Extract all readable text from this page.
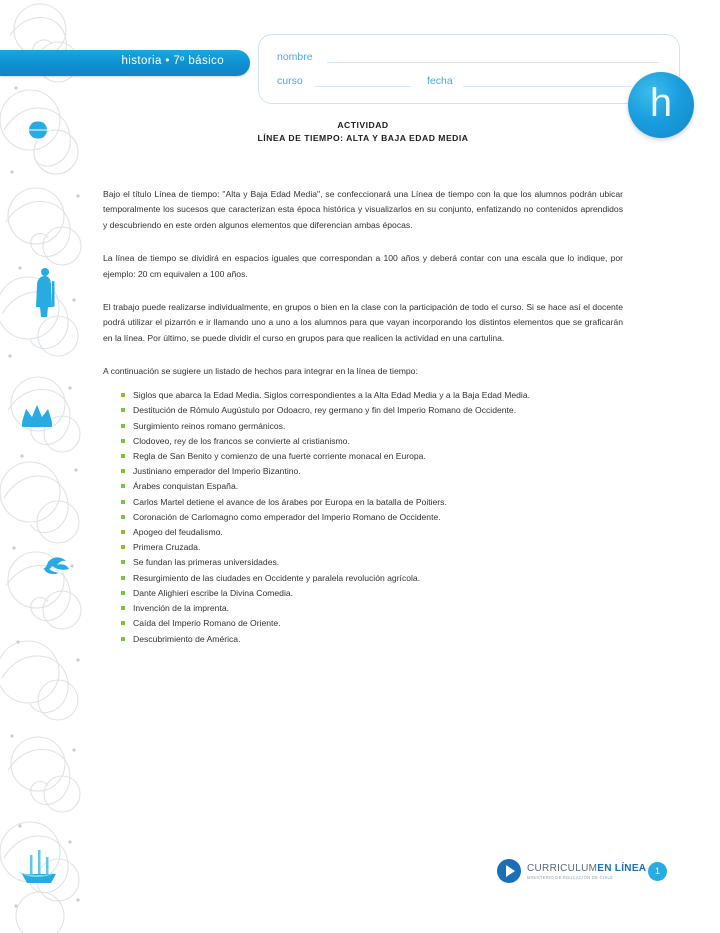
historia • 7º básico	nombre
curso	fecha	h
ACTIVIDAD
LÍNEA DE TIEMPO: ALTA Y BAJA EDAD MEDIA

Bajo el título Línea de tiempo: "Alta y Baja Edad Media", se confeccionará una Línea de tiempo con la que los alumnos podrán ubicar temporalmente los sucesos que caracterizan esta época histórica y visualizarlos en su conjunto, enfatizando no contenidos aprendidos y descubriendo en este orden algunos elementos que diferencian ambas épocas.

La línea de tiempo se dividirá en espacios iguales que correspondan a 100 años y deberá contar con una escala que lo indique, por ejemplo: 20 cm equivalen a 100 años.

El trabajo puede realizarse individualmente, en grupos o bien en la clase con la participación de todo el curso. Si se hace así el docente podrá utilizar el pizarrón e ir llamando uno a uno a los alumnos para que vayan incorporando los distintos elementos que se graficarán en la línea. Por último, se puede dividir el curso en grupos para que realicen la actividad en una cartulina.

A continuación se sugiere un listado de hechos para integrar en la línea de tiempo:

Siglos que abarca la Edad Media. Siglos correspondientes a la Alta Edad Media y a la Baja Edad Media.
Destitución de Rómulo Augústulo por Odoacro, rey germano y fin del Imperio Romano de Occidente.
Surgimiento reinos romano germánicos.
Clodoveo, rey de los francos se convierte al cristianismo.
Regla de San Benito y comienzo de una fuerte corriente monacal en Europa.
Justiniano emperador del Imperio Bizantino.
Árabes conquistan España.
Carlos Martel detiene el avance de los árabes por Europa en la batalla de Poitiers.
Coronación de Carlomagno como emperador del Imperio Romano de Occidente.
Apogeo del feudalismo.
Primera Cruzada.
Se fundan las primeras universidades.
Resurgimiento de las ciudades en Occidente y paralela revolución agrícola.
Dante Alighieri escribe la Divina Comedia.
Invención de la imprenta.
Caída del Imperio Romano de Oriente.
Descubrimiento de América.
CURRICULUMEN LÍNEA
MINISTERIO DE EDUCACIÓN DE CHILE
1
